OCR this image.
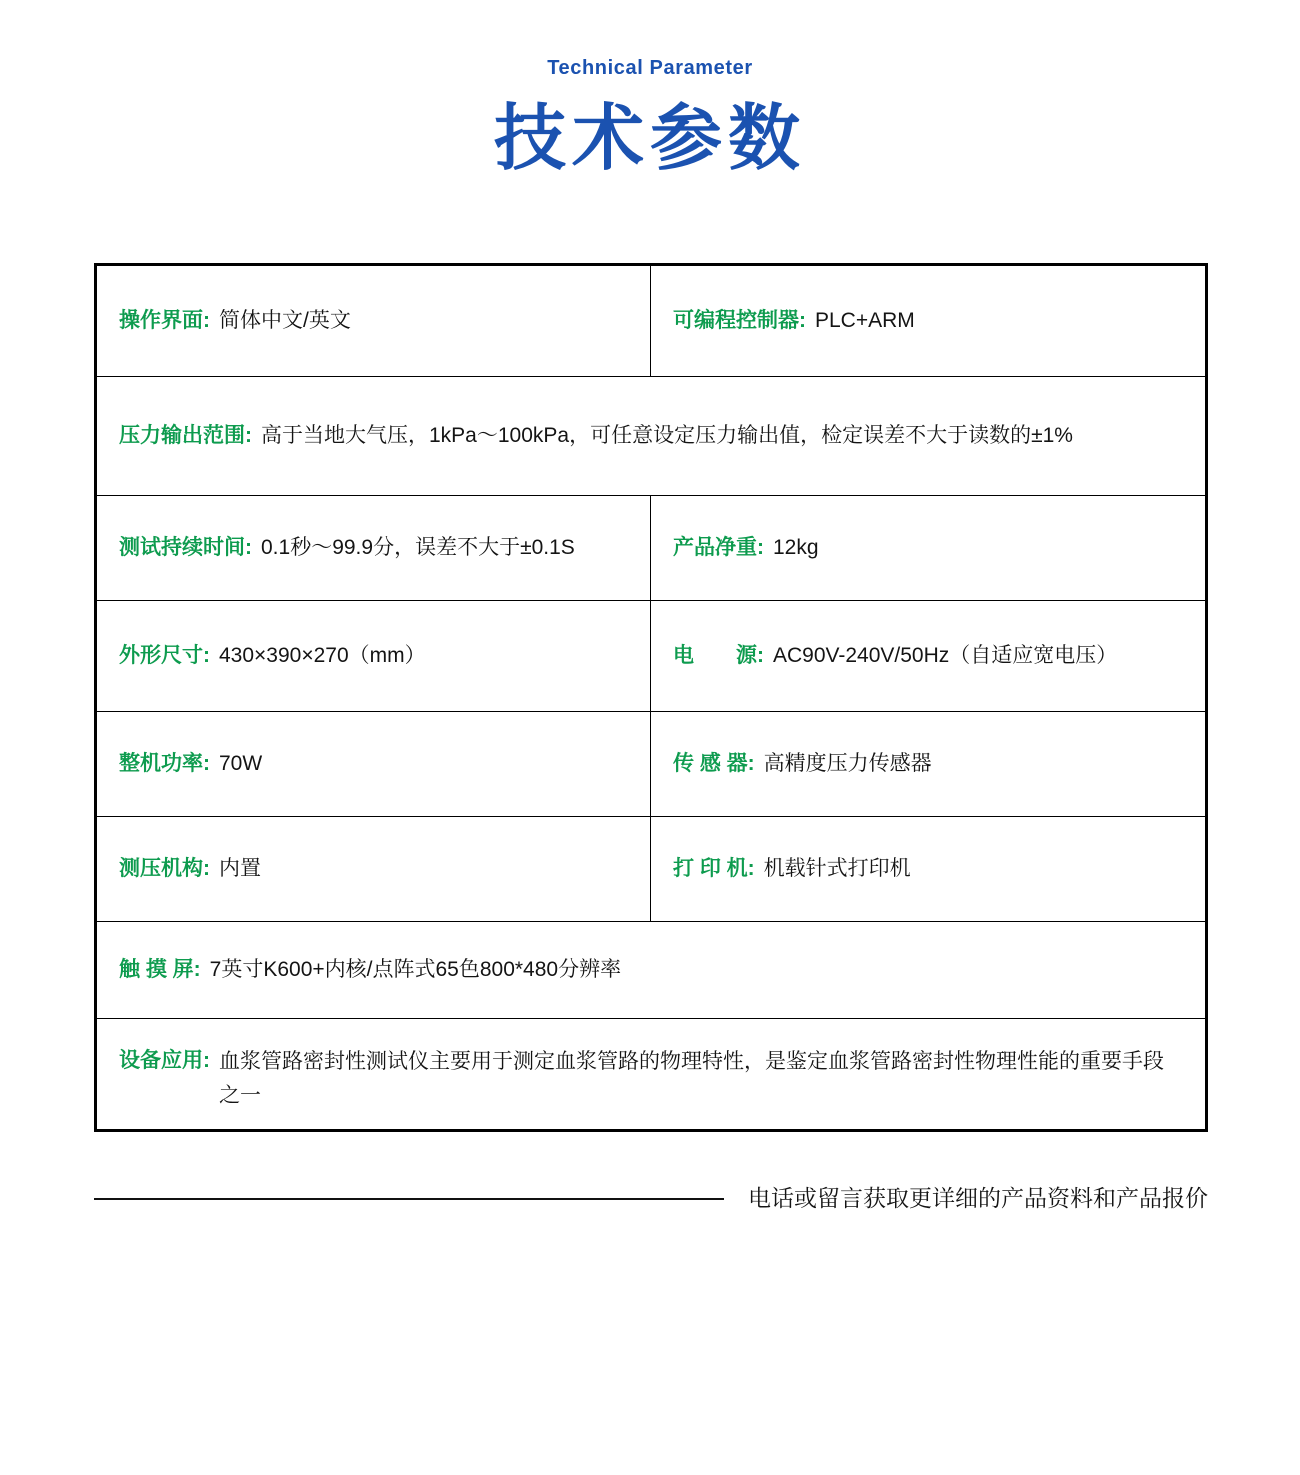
Technical Parameter
技术参数
操作界面: 简体中文/英文	可编程控制器: PLC+ARM
压力输出范围: 高于当地大气压，1kPa～100kPa，可任意设定压力输出值，检定误差不大于读数的±1%
测试持续时间: 0.1秒～99.9分，误差不大于±0.1S	产品净重: 12kg
外形尺寸: 430×390×270（mm）	电　　源: AC90V-240V/50Hz（自适应宽电压）
整机功率: 70W	传 感 器: 高精度压力传感器
测压机构: 内置	打 印 机: 机载针式打印机
触 摸 屏: 7英寸K600+内核/点阵式65色800*480分辨率
设备应用: 血浆管路密封性测试仪主要用于测定血浆管路的物理特性，是鉴定血浆管路密封性物理性能的重要手段之一
电话或留言获取更详细的产品资料和产品报价
